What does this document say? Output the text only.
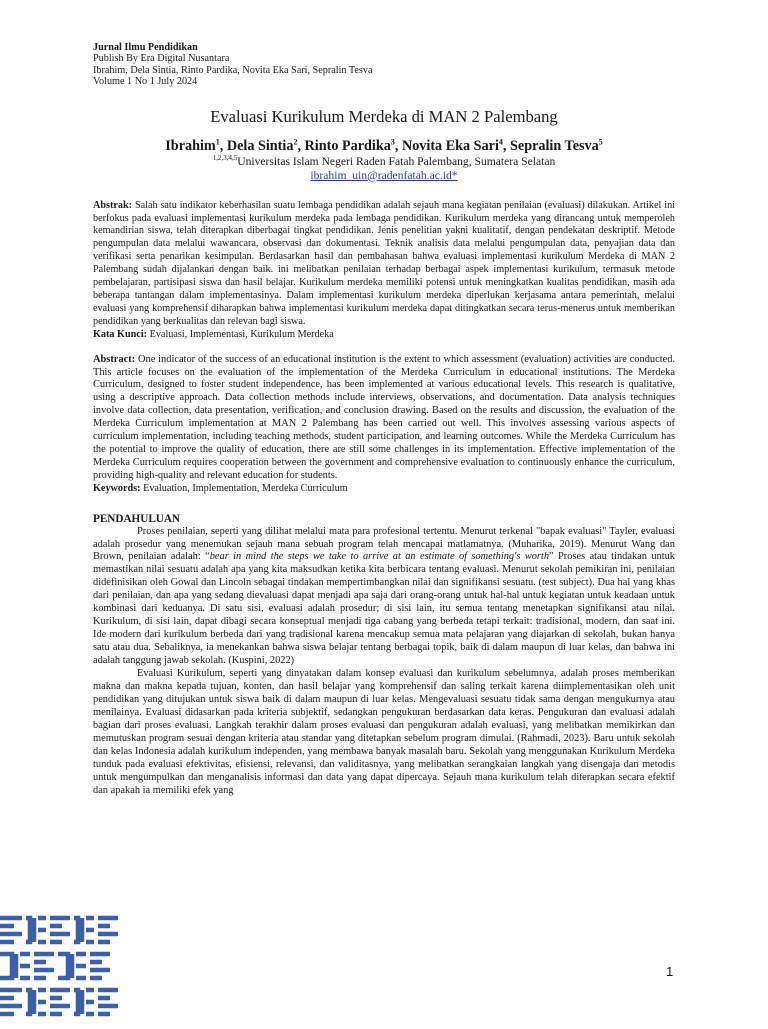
Jurnal Ilmu Pendidikan
Publish By Era Digital Nusantara
Ibrahim, Dela Sintia, Rinto Pardika, Novita Eka Sari, Sepralin Tesva
Volume 1 No 1 July 2024
Evaluasi Kurikulum Merdeka di MAN 2 Palembang
Ibrahim$^1$, Dela Sintia$^2$, Rinto Pardika$^3$, Novita Eka Sari$^4$, Sepralin Tesva$^5$
$^{1,2,3,4,5}$Universitas Islam Negeri Raden Fatah Palembang, Sumatera Selatan
ibrahim_uin@radenfatah.ac.id*
Abstrak: Salah satu indikator keberhasilan suatu lembaga pendidikan adalah sejauh mana kegiatan penilaian (evaluasi) dilakukan. Artikel ini berfokus pada evaluasi implementasi kurikulum merdeka pada lembaga pendidikan. Kurikulum merdeka yang dirancang untuk memperoleh kemandirian siswa, telah diterapkan diberbagai tingkat pendidikan. Jenis penelitian yakni kualitatif, dengan pendekatan deskriptif. Metode pengumpulan data melalui wawancara, observasi dan dokumentasi. Teknik analisis data melalui pengumpulan data, penyajian data dan verifikasi serta penarikan kesimpulan. Berdasarkan hasil dan pembahasan bahwa evaluasi implementasi kurikulum Merdeka di MAN 2 Palembang sudah dijalankan dengan baik. ini melibatkan penilaian terhadap berbagai aspek implementasi kurikulum, termasuk metode pembelajaran, partisipasi siswa dan hasil belajar. Kurikulum merdeka memiliki potensi untuk meningkatkan kualitas pendidikan, masih ada beberapa tantangan dalam implementasinya. Dalam implementasi kurikulum merdeka diperlukan kerjasama antara pemerintah, melalui evaluasi yang komprehensif diharapkan bahwa implementasi kurikulum merdeka dapat ditingkatkan secara terus-menerus untuk memberikan pendidikan yang berkualitas dan relevan bagi siswa.
Kata Kunci: Evaluasi, Implementasi, Kurikulum Merdeka
Abstract: One indicator of the success of an educational institution is the extent to which assessment (evaluation) activities are conducted. This article focuses on the evaluation of the implementation of the Merdeka Curriculum in educational institutions. The Merdeka Curriculum, designed to foster student independence, has been implemented at various educational levels. This research is qualitative, using a descriptive approach. Data collection methods include interviews, observations, and documentation. Data analysis techniques involve data collection, data presentation, verification, and conclusion drawing. Based on the results and discussion, the evaluation of the Merdeka Curriculum implementation at MAN 2 Palembang has been carried out well. This involves assessing various aspects of curriculum implementation, including teaching methods, student participation, and learning outcomes. While the Merdeka Curriculum has the potential to improve the quality of education, there are still some challenges in its implementation. Effective implementation of the Merdeka Curriculum requires cooperation between the government and comprehensive evaluation to continuously enhance the curriculum, providing high-quality and relevant education for students.
Keywords: Evaluation, Implementation, Merdeka Curriculum
PENDAHULUAN

Proses penilaian, seperti yang dilihat melalui mata para profesional tertentu. Menurut terkenal "bapak evaluasi" Tayler, evaluasi adalah prosedur yang menemukan sejauh mana sebuah program telah mencapai matlamatnya. (Muharika, 2019). Menurut Wang dan Brown, penilaian adalah: “bear in mind the steps we take to arrive at an estimate of something's worth” Proses atau tindakan untuk memastikan nilai sesuatu adalah apa yang kita maksudkan ketika kita berbicara tentang evaluasi. Menurut sekolah pemikiran ini, penilaian didefinisikan oleh Gowal dan Lincoln sebagai tindakan mempertimbangkan nilai dan signifikansi sesuatu. (test subject). Dua hal yang khas dari penilaian, dan apa yang sedang dievaluasi dapat menjadi apa saja dari orang-orang untuk hal-hal untuk kegiatan untuk keadaan untuk kombinasi dari keduanya. Di satu sisi, evaluasi adalah prosedur; di sisi lain, itu semua tentang menetapkan signifikansi atau nilai. Kurikulum, di sisi lain, dapat dibagi secara konseptual menjadi tiga cabang yang berbeda tetapi terkait: tradisional, modern, dan saat ini. Ide modern dari kurikulum berbeda dari yang tradisional karena mencakup semua mata pelajaran yang diajarkan di sekolah, bukan hanya satu atau dua. Sebaliknya, ia menekankan bahwa siswa belajar tentang berbagai topik, baik di dalam maupun di luar kelas, dan bahwa ini adalah tanggung jawab sekolah. (Kuspini, 2022)

Evaluasi Kurikulum, seperti yang dinyatakan dalam konsep evaluasi dan kurikulum sebelumnya, adalah proses memberikan makna dan makna kepada tujuan, konten, dan hasil belajar yang komprehensif dan saling terkait karena diimplementasikan oleh unit pendidikan yang ditujukan untuk siswa baik di dalam maupun di luar kelas. Mengevaluasi sesuatu tidak sama dengan mengukurnya atau menilainya. Evaluasi didasarkan pada kriteria subjektif, sedangkan pengukuran berdasarkan data keras. Pengukuran dan evaluasi adalah bagian dari proses evaluasi. Langkah terakhir dalam proses evaluasi dan pengukuran adalah evaluasi, yang melibatkan memikirkan dan memutuskan program sesuai dengan kriteria atau standar yang ditetapkan sebelum program dimulai. (Rahmadi, 2023). Baru untuk sekolah dan kelas Indonesia adalah kurikulum independen, yang membawa banyak masalah baru. Sekolah yang menggunakan Kurikulum Merdeka tunduk pada evaluasi efektivitas, efisiensi, relevansi, dan validitasnya, yang melibatkan serangkaian langkah yang disengaja dan metodis untuk mengumpulkan dan menganalisis informasi dan data yang dapat dipercaya. Sejauh mana kurikulum telah diterapkan secara efektif dan apakah ia memiliki efek yang

1
